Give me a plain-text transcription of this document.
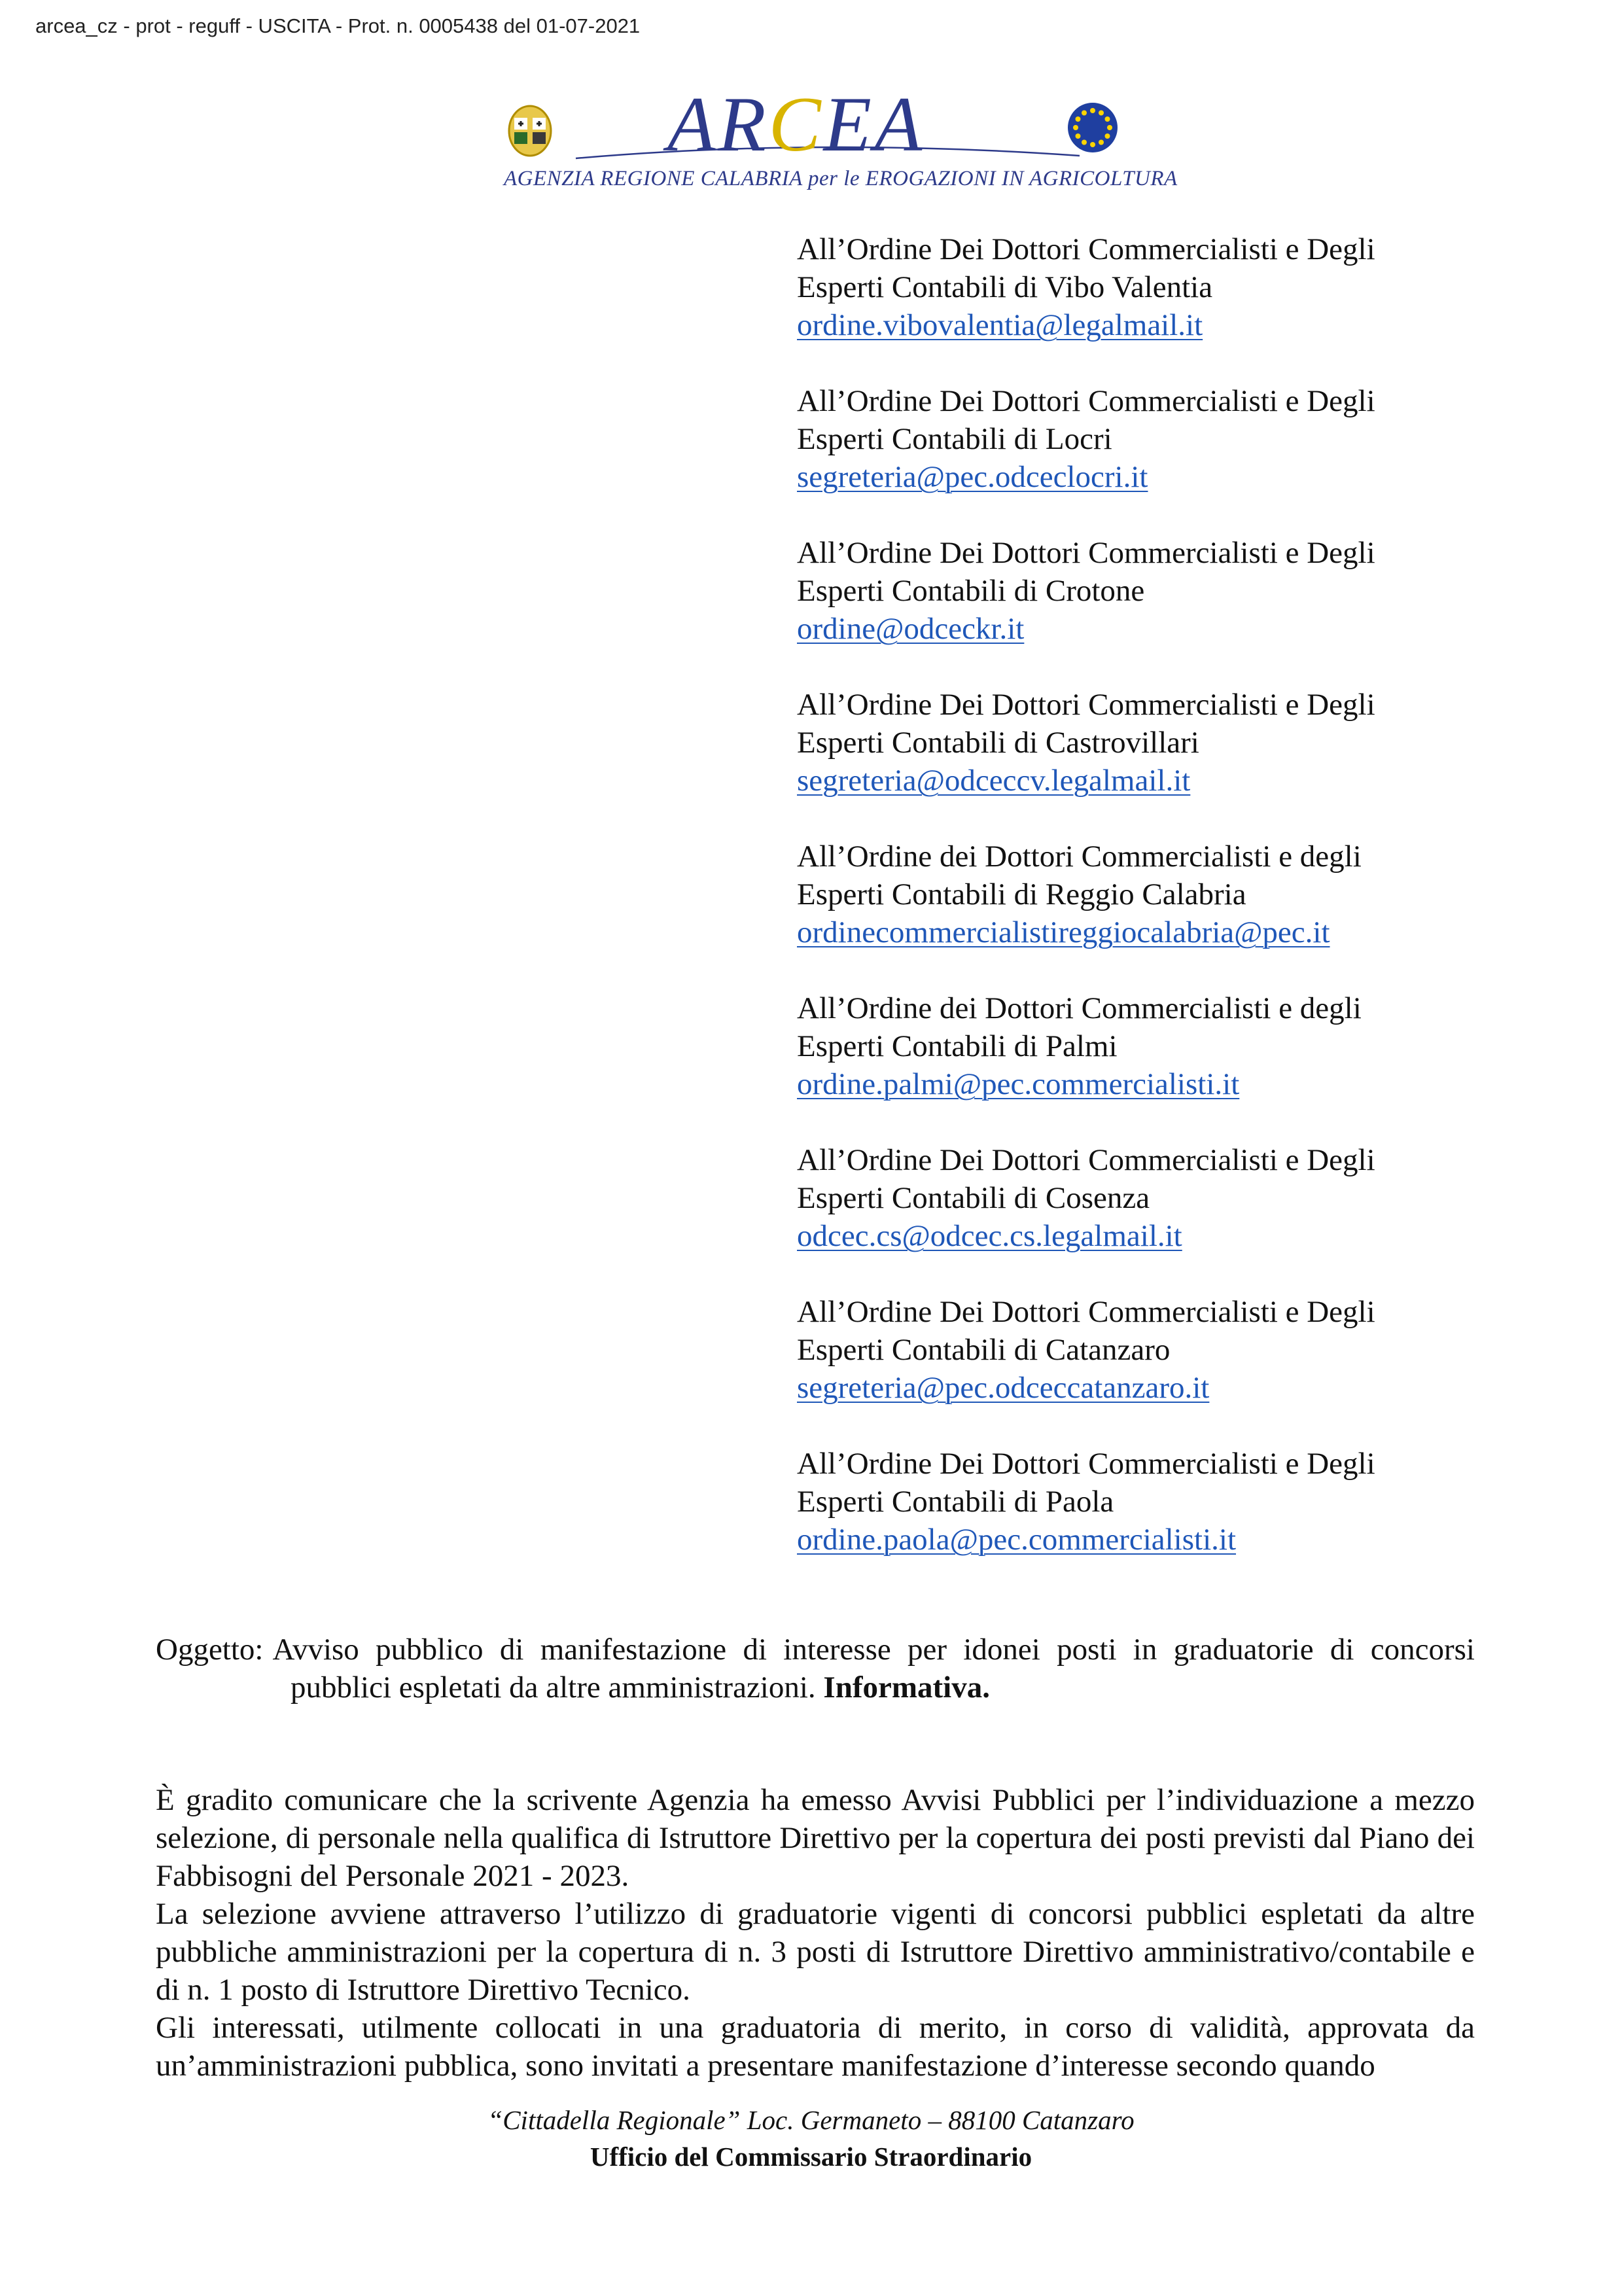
arcea_cz - prot - reguff - USCITA - Prot. n. 0005438 del 01-07-2021
ARCEA
AGENZIA REGIONE CALABRIA per le EROGAZIONI IN AGRICOLTURA
All’Ordine Dei Dottori Commercialisti e Degli
Esperti Contabili di Vibo Valentia
ordine.vibovalentia@legalmail.it
All’Ordine Dei Dottori Commercialisti e Degli
Esperti Contabili di Locri
segreteria@pec.odceclocri.it
All’Ordine Dei Dottori Commercialisti e Degli
Esperti Contabili di Crotone
ordine@odceckr.it
All’Ordine Dei Dottori Commercialisti e Degli
Esperti Contabili di Castrovillari
segreteria@odceccv.legalmail.it
All’Ordine dei Dottori Commercialisti e degli
Esperti Contabili di Reggio Calabria
ordinecommercialistireggiocalabria@pec.it
All’Ordine dei Dottori Commercialisti e degli
Esperti Contabili di Palmi
ordine.palmi@pec.commercialisti.it
All’Ordine Dei Dottori Commercialisti e Degli
Esperti Contabili di Cosenza
odcec.cs@odcec.cs.legalmail.it
All’Ordine Dei Dottori Commercialisti e Degli
Esperti Contabili di Catanzaro
segreteria@pec.odceccatanzaro.it
All’Ordine Dei Dottori Commercialisti e Degli
Esperti Contabili di Paola
ordine.paola@pec.commercialisti.it
Oggetto: Avviso pubblico di manifestazione di interesse per idonei posti in graduatorie di concorsi
pubblici espletati da altre amministrazioni. Informativa.

È gradito comunicare che la scrivente Agenzia ha emesso Avvisi Pubblici per l’individuazione a mezzo selezione, di personale nella qualifica di Istruttore Direttivo per la copertura dei posti previsti dal Piano dei Fabbisogni del Personale 2021 - 2023.

La selezione avviene attraverso l’utilizzo di graduatorie vigenti di concorsi pubblici espletati da altre pubbliche amministrazioni per la copertura di n. 3 posti di Istruttore Direttivo amministrativo/contabile e di n. 1 posto di Istruttore Direttivo Tecnico.

Gli interessati, utilmente collocati in una graduatoria di merito, in corso di validità, approvata da un’amministrazioni pubblica, sono invitati a presentare manifestazione d’interesse secondo quando

“Cittadella Regionale” Loc. Germaneto – 88100 Catanzaro
Ufficio del Commissario Straordinario
